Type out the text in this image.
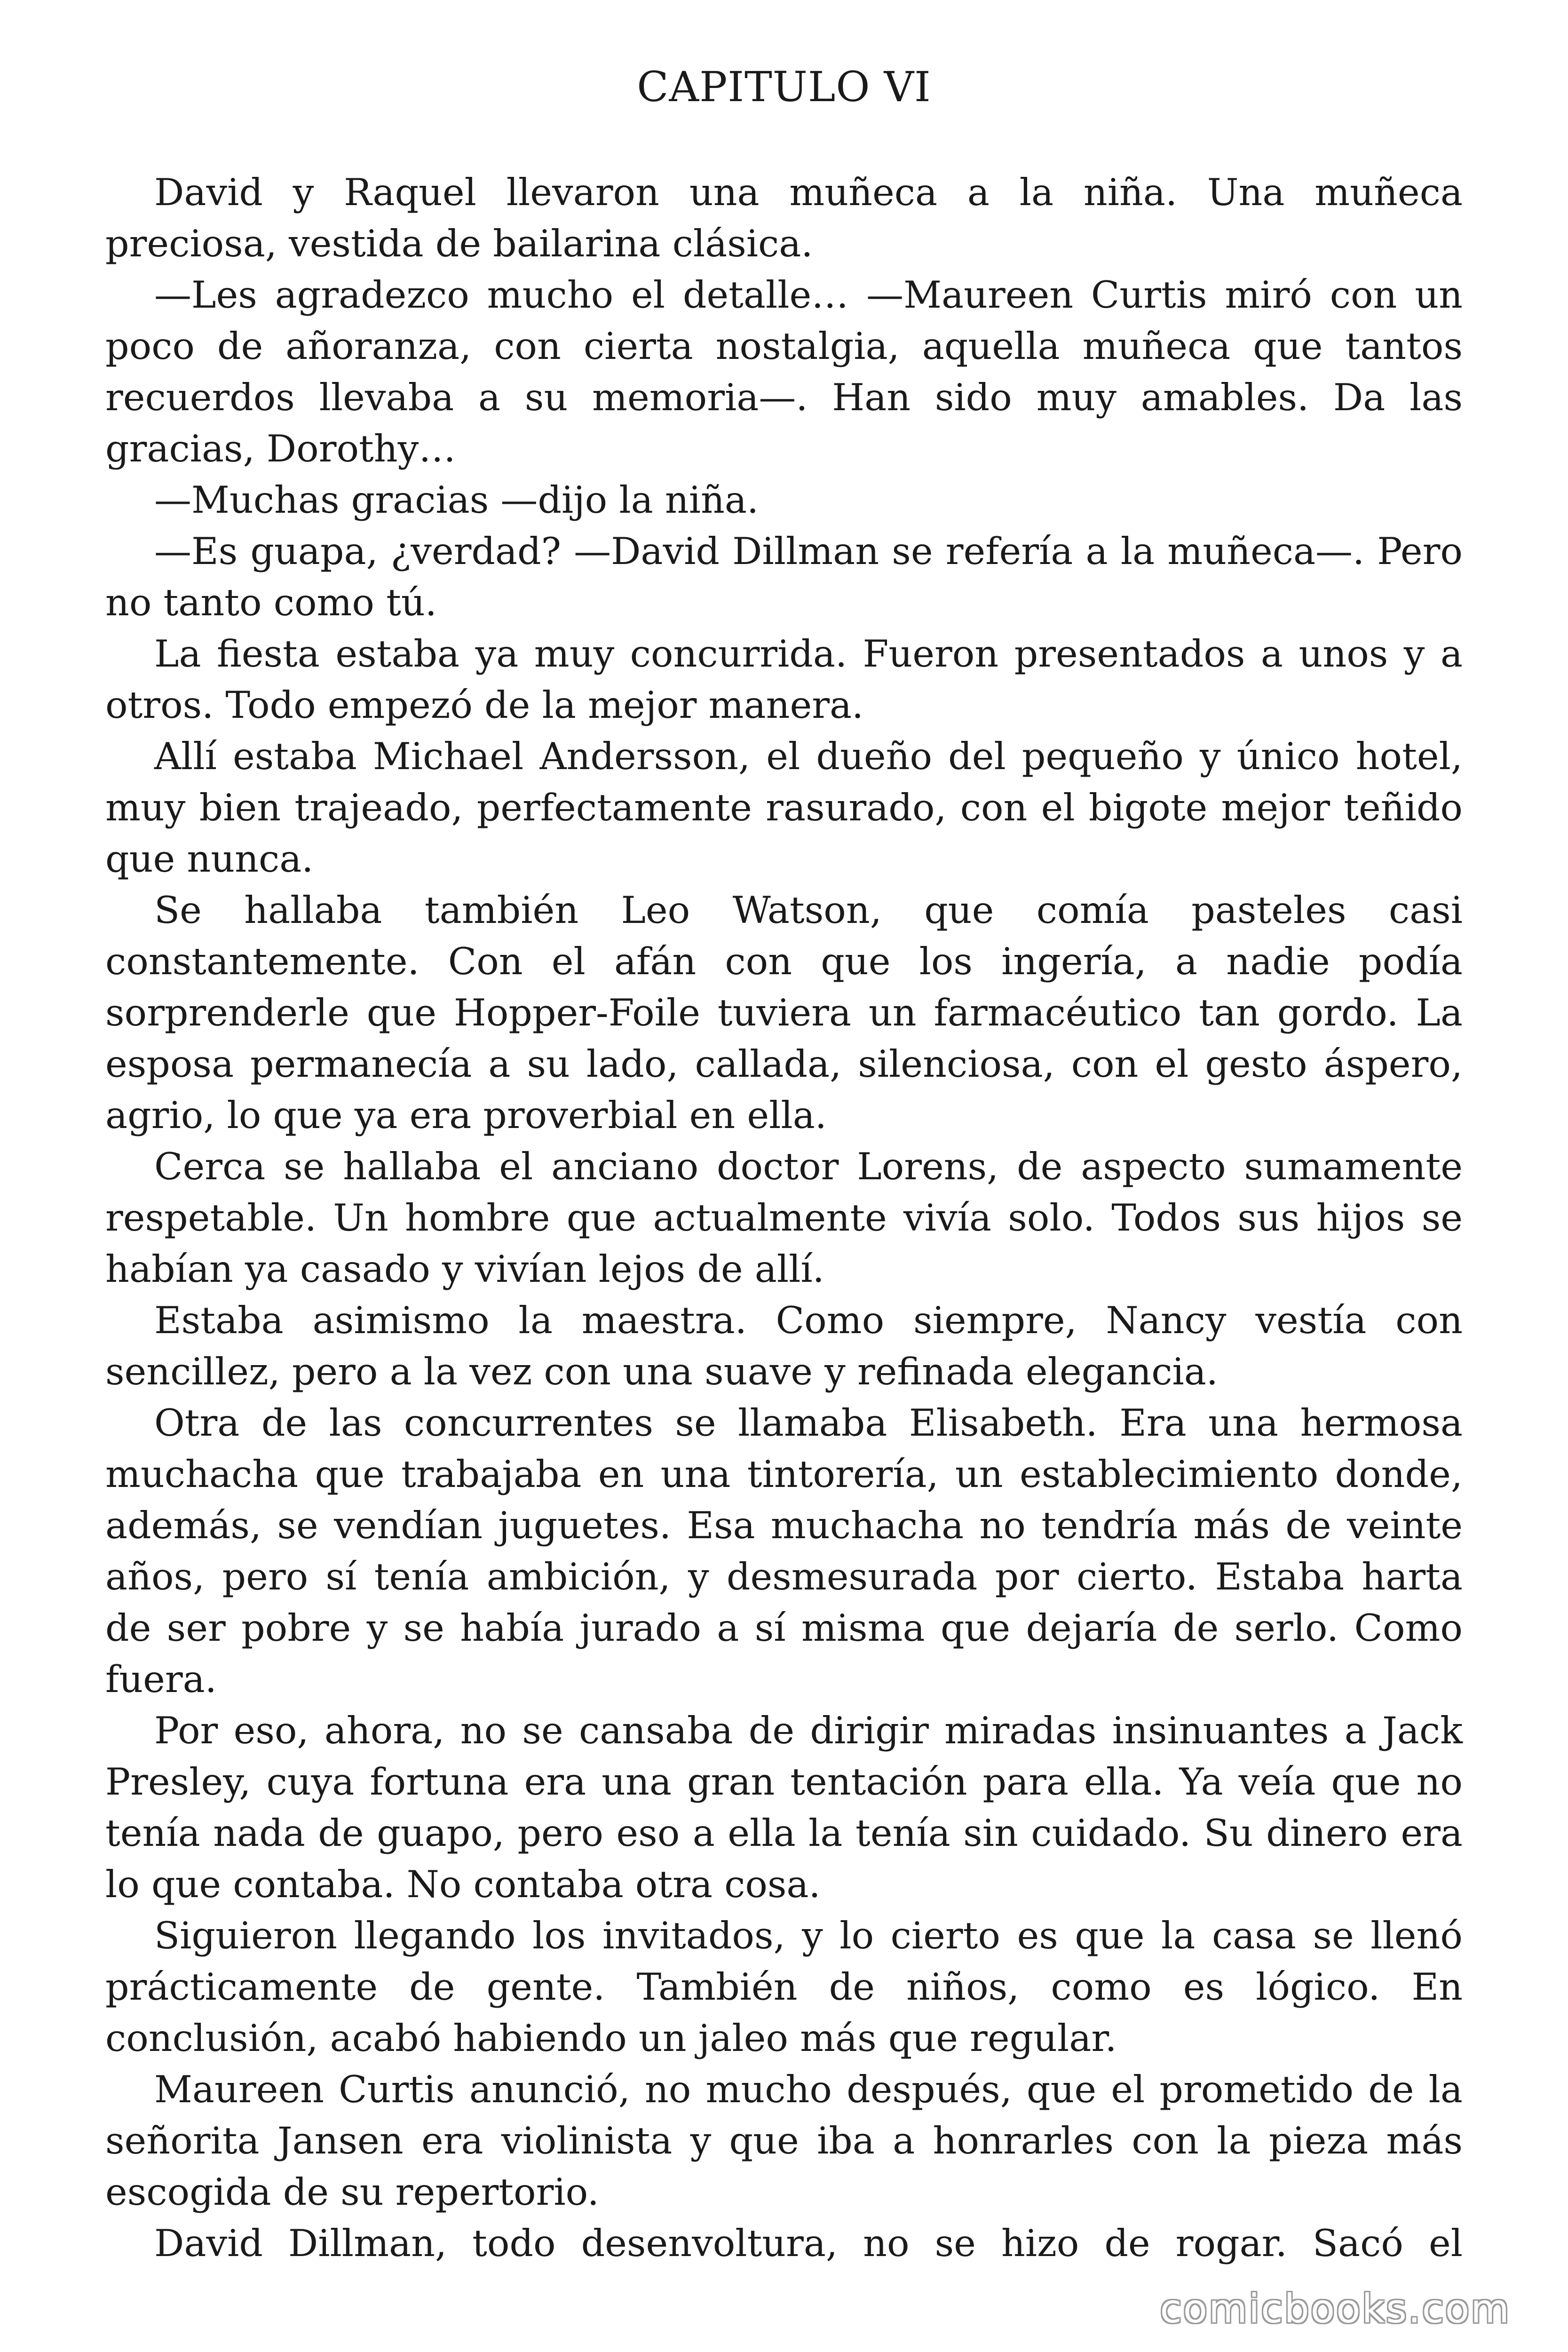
CAPITULO VI

David y Raquel llevaron una muñeca a la niña. Una muñeca preciosa, vestida de bailarina clásica.

—Les agradezco mucho el detalle… —Maureen Curtis miró con un poco de añoranza, con cierta nostalgia, aquella muñeca que tantos recuerdos llevaba a su memoria—. Han sido muy amables. Da las gracias, Dorothy…

—Muchas gracias —dijo la niña.

—Es guapa, ¿verdad? —David Dillman se refería a la muñeca—. Pero no tanto como tú.

La fiesta estaba ya muy concurrida. Fueron presentados a unos y a otros. Todo empezó de la mejor manera.

Allí estaba Michael Andersson, el dueño del pequeño y único hotel, muy bien trajeado, perfectamente rasurado, con el bigote mejor teñido que nunca.

Se hallaba también Leo Watson, que comía pasteles casi constantemente. Con el afán con que los ingería, a nadie podía sorprenderle que Hopper-Foile tuviera un farmacéutico tan gordo. La esposa permanecía a su lado, callada, silenciosa, con el gesto áspero, agrio, lo que ya era proverbial en ella.

Cerca se hallaba el anciano doctor Lorens, de aspecto sumamente respetable. Un hombre que actualmente vivía solo. Todos sus hijos se habían ya casado y vivían lejos de allí.

Estaba asimismo la maestra. Como siempre, Nancy vestía con sencillez, pero a la vez con una suave y refinada elegancia.

Otra de las concurrentes se llamaba Elisabeth. Era una hermosa muchacha que trabajaba en una tintorería, un establecimiento donde, además, se vendían juguetes. Esa muchacha no tendría más de veinte años, pero sí tenía ambición, y desmesurada por cierto. Estaba harta de ser pobre y se había jurado a sí misma que dejaría de serlo. Como fuera.

Por eso, ahora, no se cansaba de dirigir miradas insinuantes a Jack Presley, cuya fortuna era una gran tentación para ella. Ya veía que no tenía nada de guapo, pero eso a ella la tenía sin cuidado. Su dinero era lo que contaba. No contaba otra cosa.

Siguieron llegando los invitados, y lo cierto es que la casa se llenó prácticamente de gente. También de niños, como es lógico. En conclusión, acabó habiendo un jaleo más que regular.

Maureen Curtis anunció, no mucho después, que el prometido de la señorita Jansen era violinista y que iba a honrarles con la pieza más escogida de su repertorio.

David Dillman, todo desenvoltura, no se hizo de rogar. Sacó el

comicbooks.com
